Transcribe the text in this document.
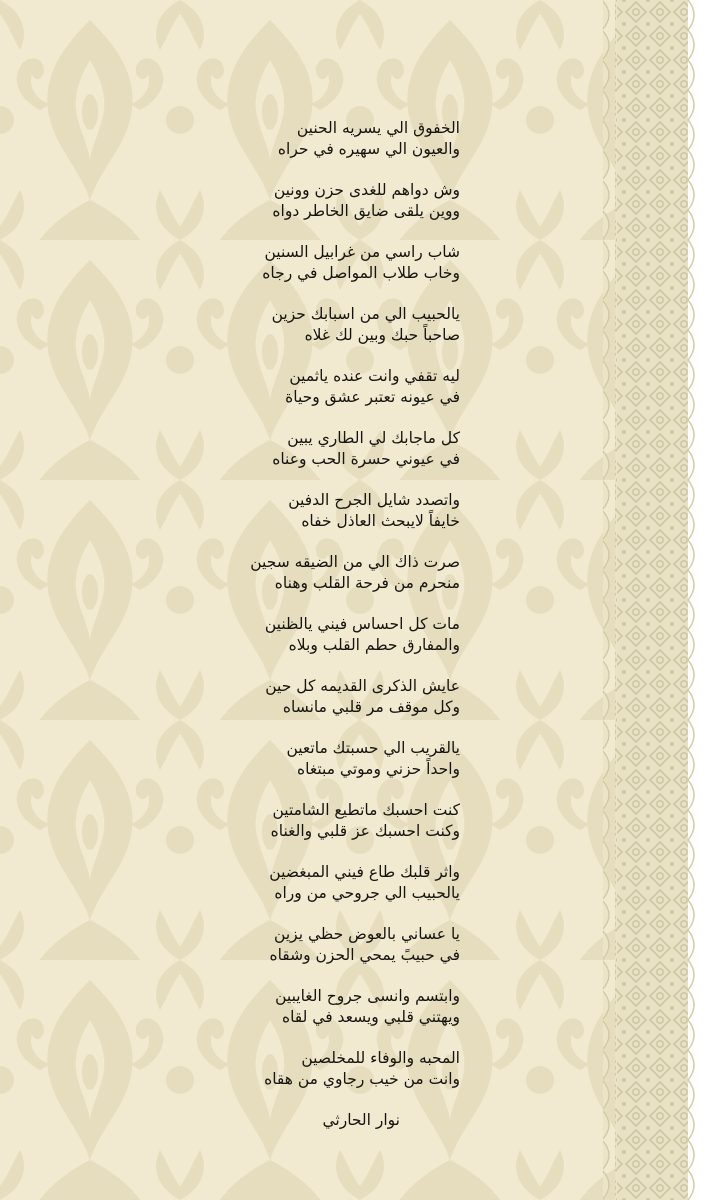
الخفوق الي يسريه الحنين
والعيون الي سهيره في حراه
وش دواهم للغدى حزن وونين
ووين يلقى ضايق الخاطر دواه
شاب راسي من غرابيل السنين
وخاب طلاب المواصل في رجاه
يالحبيب الي من اسبابك حزين
صاحباً حبك وبين لك غلاه
ليه تقفي وانت عنده ياثمين
في عيونه تعتبر عشق وحياة
كل ماجابك لي الطاري يبين
في عيوني حسرة الحب وعناه
واتصدد شايل الجرح الدفين
خايفاً لايبحث العاذل خفاه
صرت ذاك الي من الضيقه سجين
منحرم من فرحة القلب وهناه
مات كل احساس فيني يالظنين
والمفارق حطم القلب وبلاه
عايش الذكرى القديمه كل حين
وكل موقف مر قلبي مانساه
يالقريب الي حسبتك ماتعين
واحداً حزني وموتي مبتغاه
كنت احسبك ماتطيع الشامتين
وكنت احسبك عز قلبي والغناه
واثر قلبك طاع فيني المبغضين
يالحبيب الي جروحي من وراه
يا عساني بالعوض حظي يزين
في حبيبً يمحي الحزن وشقاه
وابتسم وانسى جروح الغايبين
ويهتني قلبي ويسعد في لقاه
المحبه والوفاء للمخلصين
وانت من خيب رجاوي من هقاه
نوار الحارثي
